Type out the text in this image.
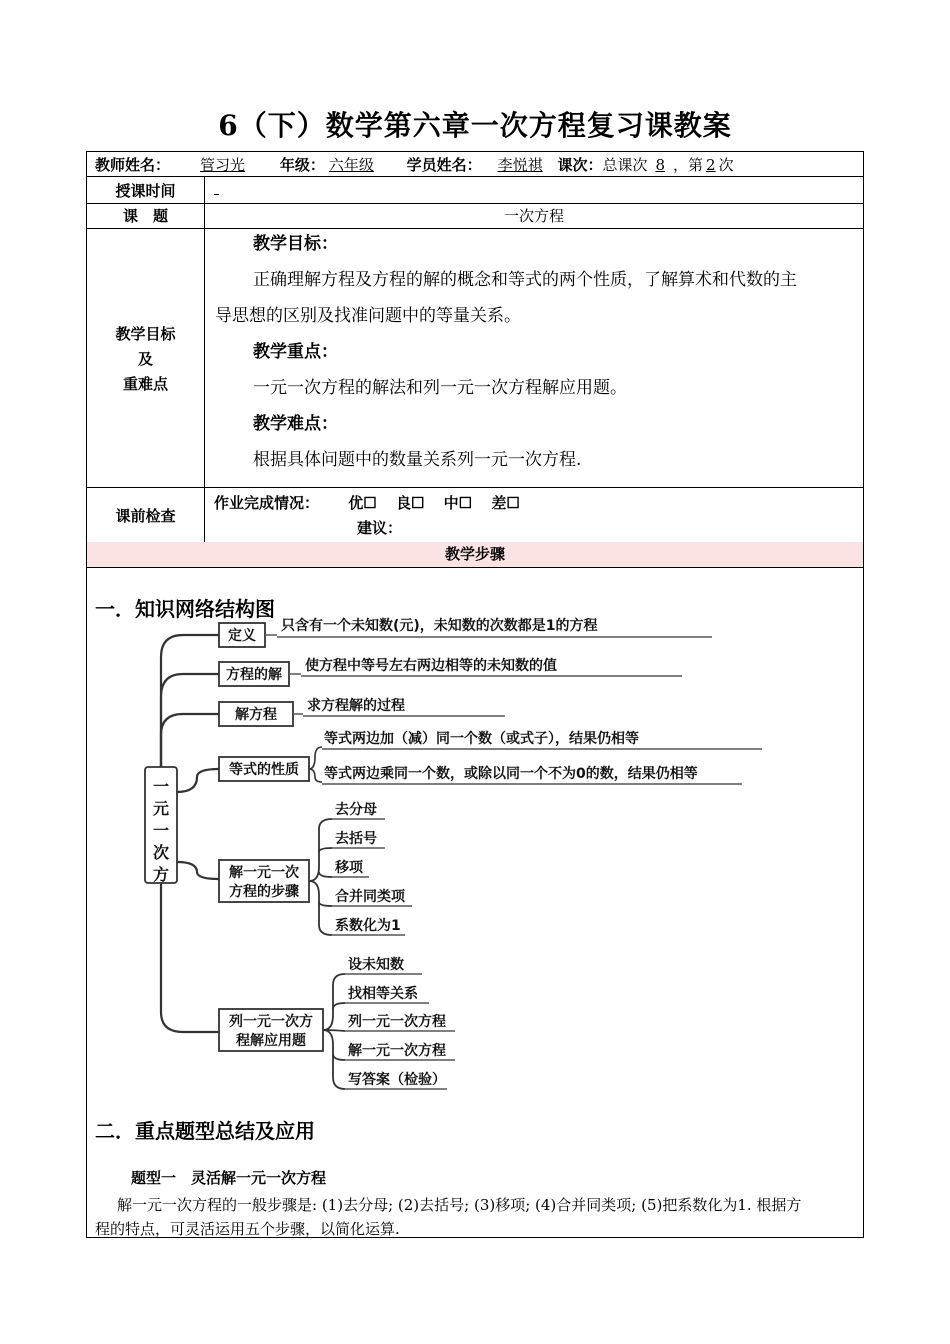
6（下）数学第六章一次方程复习课教案
教师姓名： 管习光 年级： 六年级 学员姓名： 李悦祺 课次：总课次 8 ，第 2 次
授课时间
课　题	一次方程
教学目标
及
重难点
教学目标：
正确理解方程及方程的解的概念和等式的两个性质，了解算术和代数的主
导思想的区别及找准问题中的等量关系。
教学重点：
一元一次方程的解法和列一元一次方程解应用题。
教学难点：
根据具体问题中的数量关系列一元一次方程.
课前检查
作业完成情况： 优☐ 良☐ 中☐ 差☐
建议：
教学步骤
一．知识网络结构图
一
元
一
次
方
定义
只含有一个未知数(元)，未知数的次数都是1的方程
方程的解
使方程中等号左右两边相等的未知数的值
解方程
求方程解的过程
等式的性质
等式两边加（减）同一个数（或式子），结果仍相等
等式两边乘同一个数，或除以同一个不为0的数，结果仍相等
解一元一次
方程的步骤
去分母
去括号
移项
合并同类项
系数化为1
列一元一次方
程解应用题
设未知数
找相等关系
列一元一次方程
解一元一次方程
写答案（检验）
二．重点题型总结及应用
题型一　灵活解一元一次方程
解一元一次方程的一般步骤是: (1)去分母; (2)去括号; (3)移项; (4)合并同类项; (5)把系数化为1. 根据方
程的特点，可灵活运用五个步骤，以简化运算.
